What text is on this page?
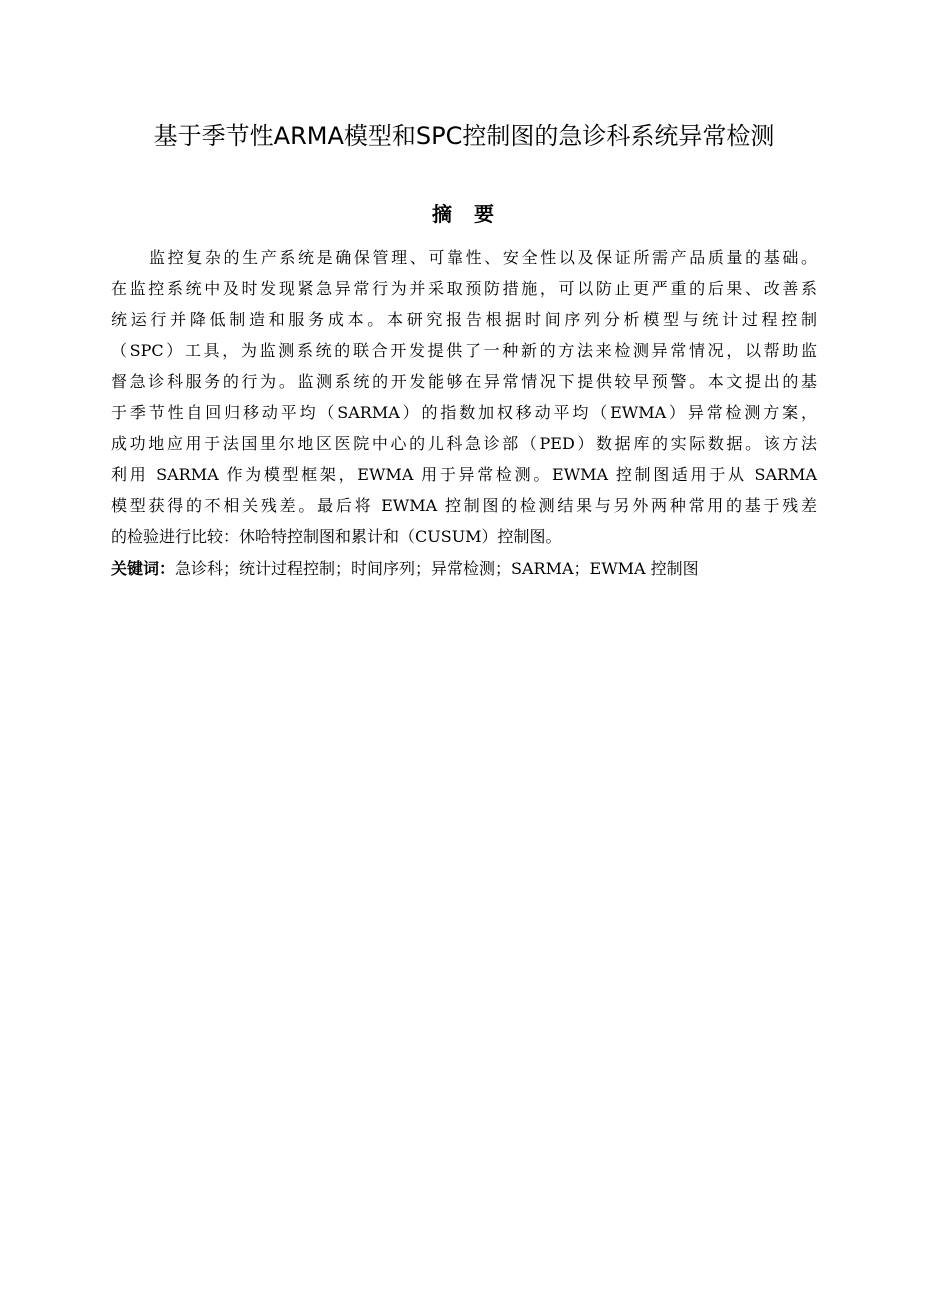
基于季节性ARMA模型和SPC控制图的急诊科系统异常检测
摘要
监控复杂的生产系统是确保管理、可靠性、安全性以及保证所需产品质量的基础。
在监控系统中及时发现紧急异常行为并采取预防措施，可以防止更严重的后果、改善系
统运行并降低制造和服务成本。本研究报告根据时间序列分析模型与统计过程控制
（SPC）工具，为监测系统的联合开发提供了一种新的方法来检测异常情况，以帮助监
督急诊科服务的行为。监测系统的开发能够在异常情况下提供较早预警。本文提出的基
于季节性自回归移动平均（SARMA）的指数加权移动平均（EWMA）异常检测方案，
成功地应用于法国里尔地区医院中心的儿科急诊部（PED）数据库的实际数据。该方法
利用 SARMA 作为模型框架，EWMA 用于异常检测。EWMA 控制图适用于从 SARMA
模型获得的不相关残差。最后将 EWMA 控制图的检测结果与另外两种常用的基于残差
的检验进行比较：休哈特控制图和累计和（CUSUM）控制图。
关键词：急诊科；统计过程控制；时间序列；异常检测；SARMA；EWMA 控制图
